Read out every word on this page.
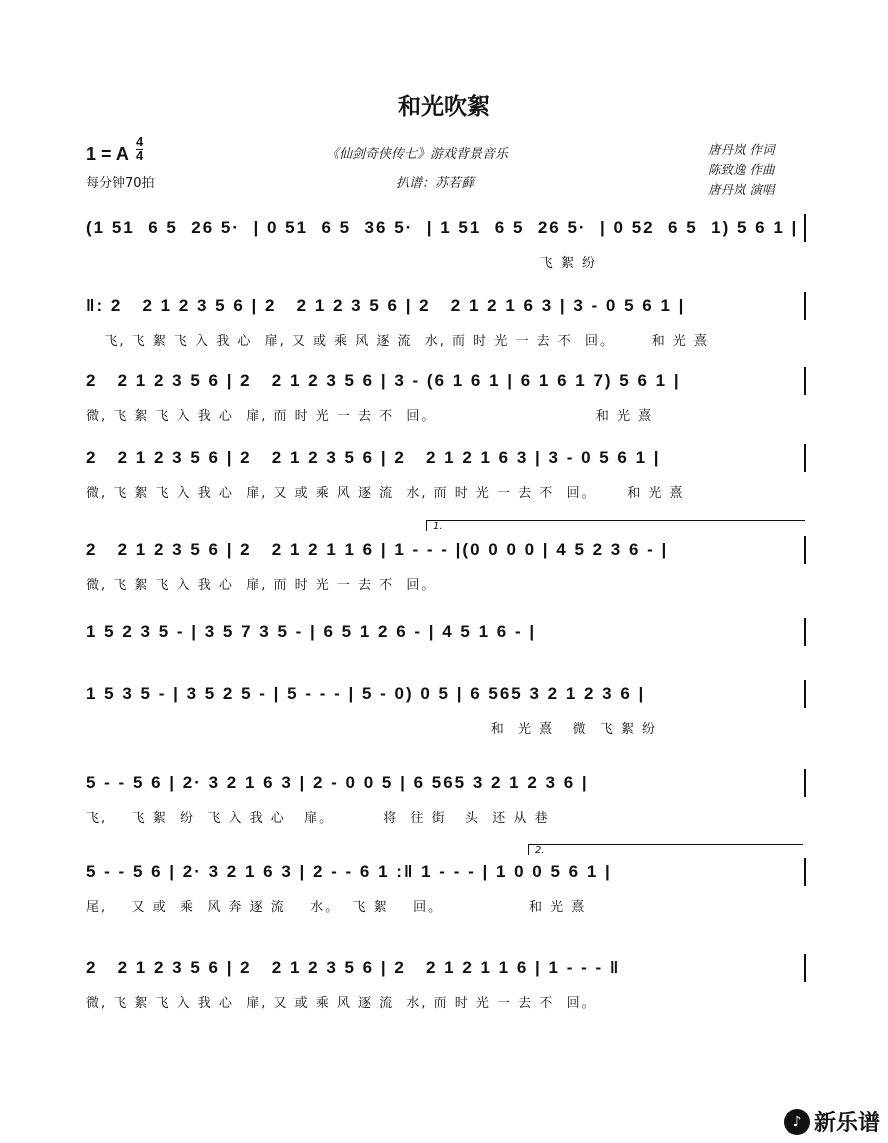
和光吹絮
1 = A
4
4
每分钟70拍
《仙剑奇侠传七》游戏背景音乐
扒谱：苏若藓
唐丹岚 作词
陈致逸 作曲
唐丹岚 演唱
(1 51  6 5  26 5·  | 0 51  6 5  36 5·  | 1 51  6 5  26 5·  | 0 52  6 5  1) 5 6 1 |
飞 絮 纷
‖: 2   2 1 2 3 5 6 | 2   2 1 2 3 5 6 | 2   2 1 2 1 6 3 | 3 - 0 5 6 1 |
飞, 飞 絮 飞 入 我 心  扉, 又 或 乘 风 逐 流  水, 而 时 光 一 去 不  回。      和 光 熹
2   2 1 2 3 5 6 | 2   2 1 2 3 5 6 | 3 - (6 1 6 1 | 6 1 6 1 7) 5 6 1 |
微, 飞 絮 飞 入 我 心  扉, 而 时 光 一 去 不  回。                          和 光 熹
2   2 1 2 3 5 6 | 2   2 1 2 3 5 6 | 2   2 1 2 1 6 3 | 3 - 0 5 6 1 |
微, 飞 絮 飞 入 我 心  扉, 又 或 乘 风 逐 流  水, 而 时 光 一 去 不  回。     和 光 熹
2   2 1 2 3 5 6 | 2   2 1 2 1 1 6 | 1 - - - |(0 0 0 0 | 4 5 2 3 6 - |
微, 飞 絮 飞 入 我 心  扉, 而 时 光 一 去 不  回。
1 5 2 3 5 - | 3 5 7 3 5 - | 6 5 1 2 6 - | 4 5 1 6 - |
1 5 3 5 - | 3 5 2 5 - | 5 - - - | 5 - 0) 0 5 | 6 565 3 2 1 2 3 6 |
和  光 熹   微  飞 絮 纷
5 - - 5 6 | 2· 3 2 1 6 3 | 2 - 0 0 5 | 6 565 3 2 1 2 3 6 |
飞,    飞 絮  纷  飞 入 我 心   扉。        将  往 街   头  还 从 巷
5 - - 5 6 | 2· 3 2 1 6 3 | 2 - - 6 1 :‖ 1 - - - | 1 0 0 5 6 1 |
尾,    又 或  乘  风 奔 逐 流    水。  飞 絮    回。              和 光 熹
2   2 1 2 3 5 6 | 2   2 1 2 3 5 6 | 2   2 1 2 1 1 6 | 1 - - - ‖
微, 飞 絮 飞 入 我 心  扉, 又 或 乘 风 逐 流  水, 而 时 光 一 去 不  回。
1.
2.
♪ 新乐谱
